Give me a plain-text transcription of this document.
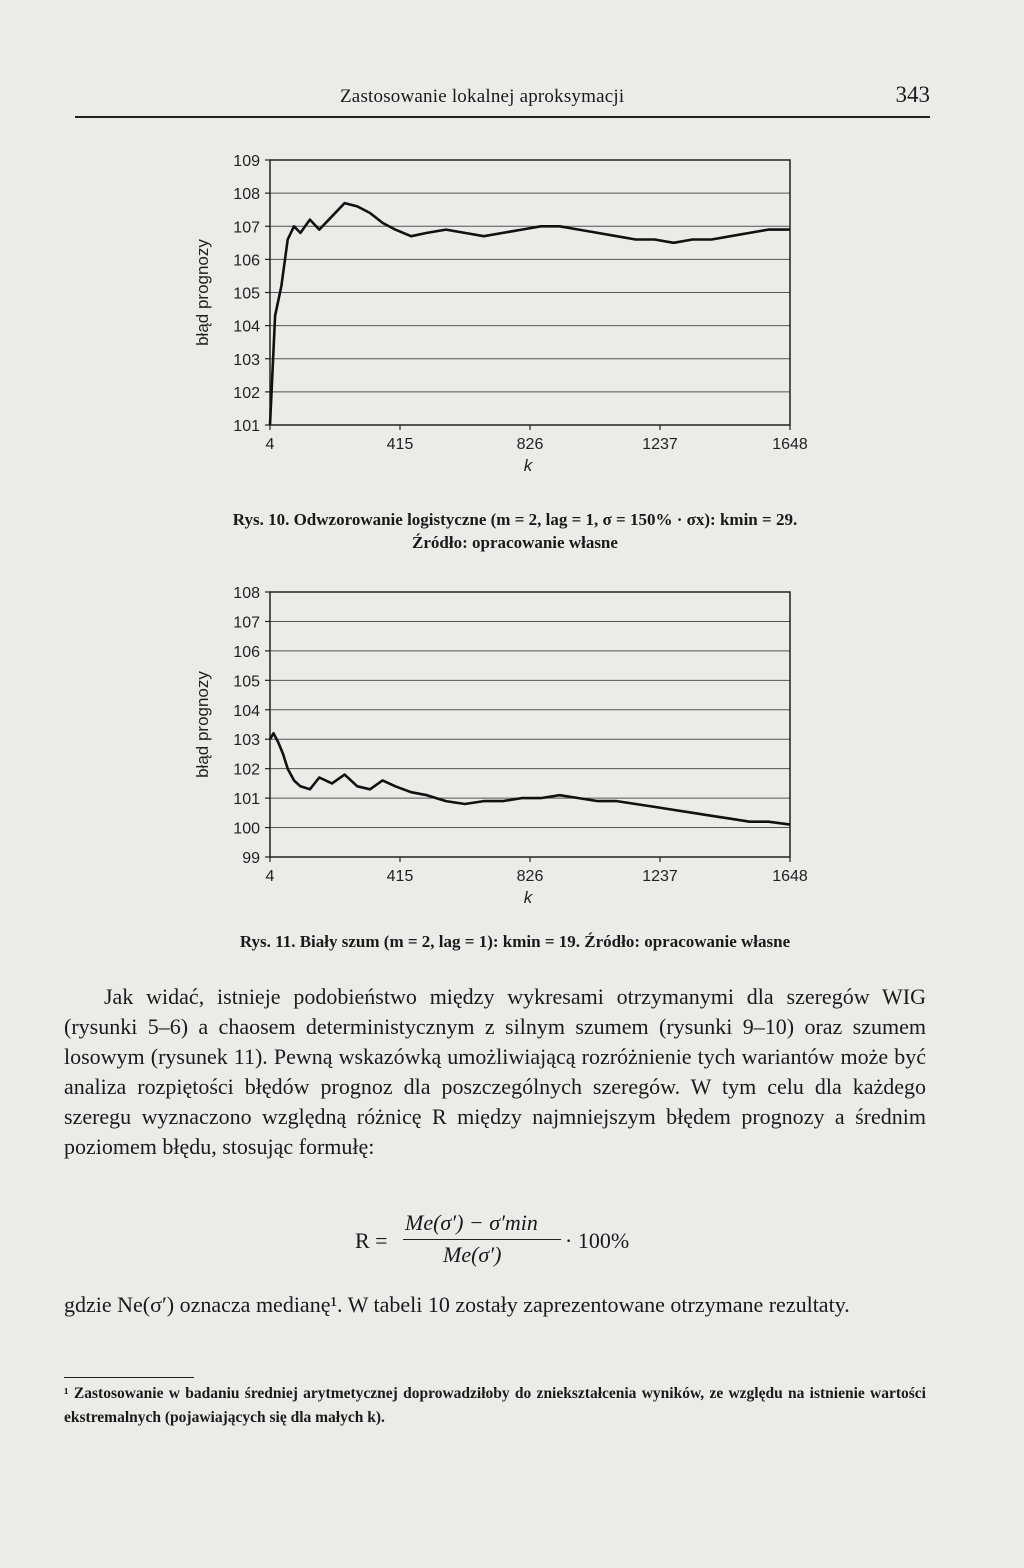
Zastosowanie lokalnej aproksymacji	343
101
102
103
104
105
106
107
108
109
4	415	826	1237	1648
k
błąd prognozy
Rys. 10. Odwzorowanie logistyczne (m = 2, lag = 1, σ = 150% · σx): kmin = 29.
Źródło: opracowanie własne
99
100
101
102
103
104
105
106
107
108
4	415	826	1237	1648
k
błąd prognozy
Rys. 11. Biały szum (m = 2, lag = 1): kmin = 19. Źródło: opracowanie własne

Jak widać, istnieje podobieństwo między wykresami otrzymanymi dla szeregów WIG (rysunki 5–6) a chaosem deterministycznym z silnym szumem (rysunki 9–10) oraz szumem losowym (rysunek 11). Pewną wskazówką umożliwiającą rozróżnienie tych wariantów może być analiza rozpiętości błędów prognoz dla poszczególnych szeregów. W tym celu dla każdego szeregu wyznaczono względną różnicę R między najmniejszym błędem prognozy a średnim poziomem błędu, stosując formułę:

R =
Me(σ′) − σ′min
Me(σ′)
· 100%

gdzie Ne(σ′) oznacza medianę¹. W tabeli 10 zostały zaprezentowane otrzymane rezultaty.

¹ Zastosowanie w badaniu średniej arytmetycznej doprowadziłoby do zniekształcenia wyników, ze względu na istnienie wartości ekstremalnych (pojawiających się dla małych k).
